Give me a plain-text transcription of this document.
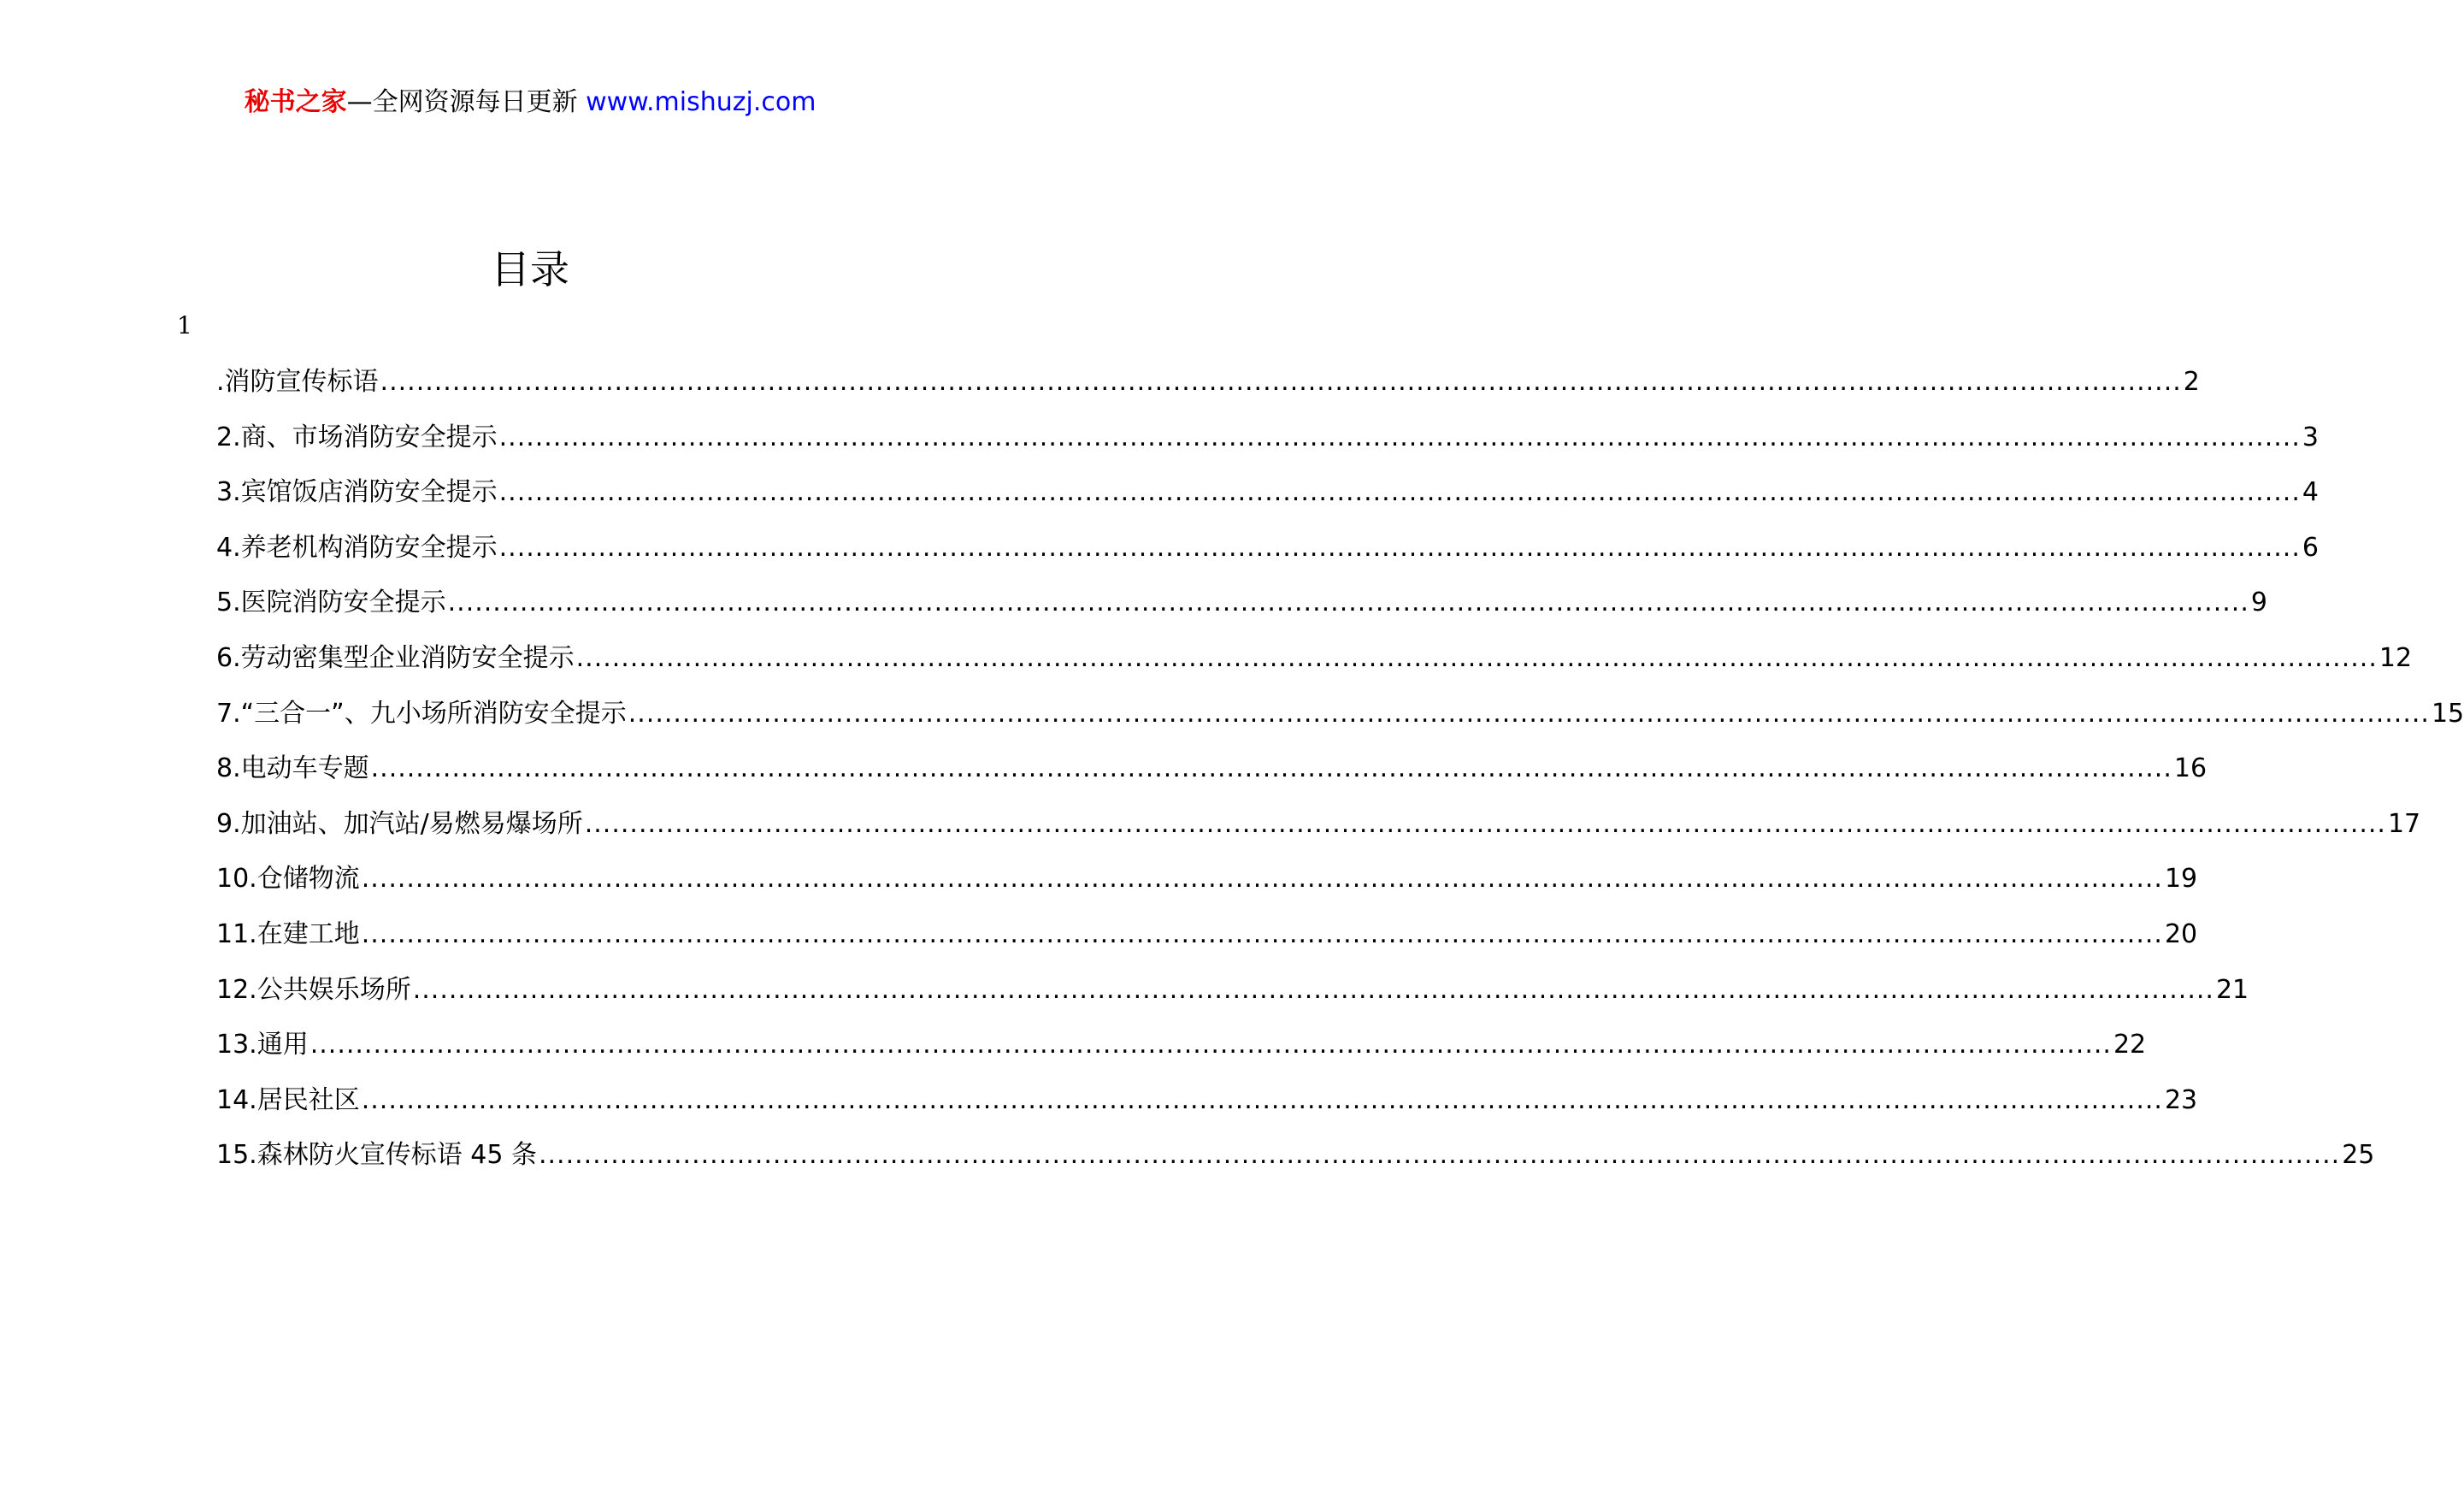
秘书之家—全网资源每日更新 www.mishuzj.com
目录
1
.消防宣传标语 ........................................................................................................................................................................................................ 2
2.商、市场消防安全提示 ........................................................................................................................................................................................................ 3
3.宾馆饭店消防安全提示 ........................................................................................................................................................................................................ 4
4.养老机构消防安全提示 ........................................................................................................................................................................................................ 6
5.医院消防安全提示 ........................................................................................................................................................................................................ 9
6.劳动密集型企业消防安全提示 ........................................................................................................................................................................................................ 12
7.“三合一”、九小场所消防安全提示 ........................................................................................................................................................................................................ 15
8.电动车专题 ........................................................................................................................................................................................................ 16
9.加油站、加汽站/易燃易爆场所 ........................................................................................................................................................................................................ 17
10.仓储物流 ........................................................................................................................................................................................................ 19
11.在建工地 ........................................................................................................................................................................................................ 20
12.公共娱乐场所 ........................................................................................................................................................................................................ 21
13.通用 ........................................................................................................................................................................................................ 22
14.居民社区 ........................................................................................................................................................................................................ 23
15.森林防火宣传标语 45 条 ........................................................................................................................................................................................................ 25
